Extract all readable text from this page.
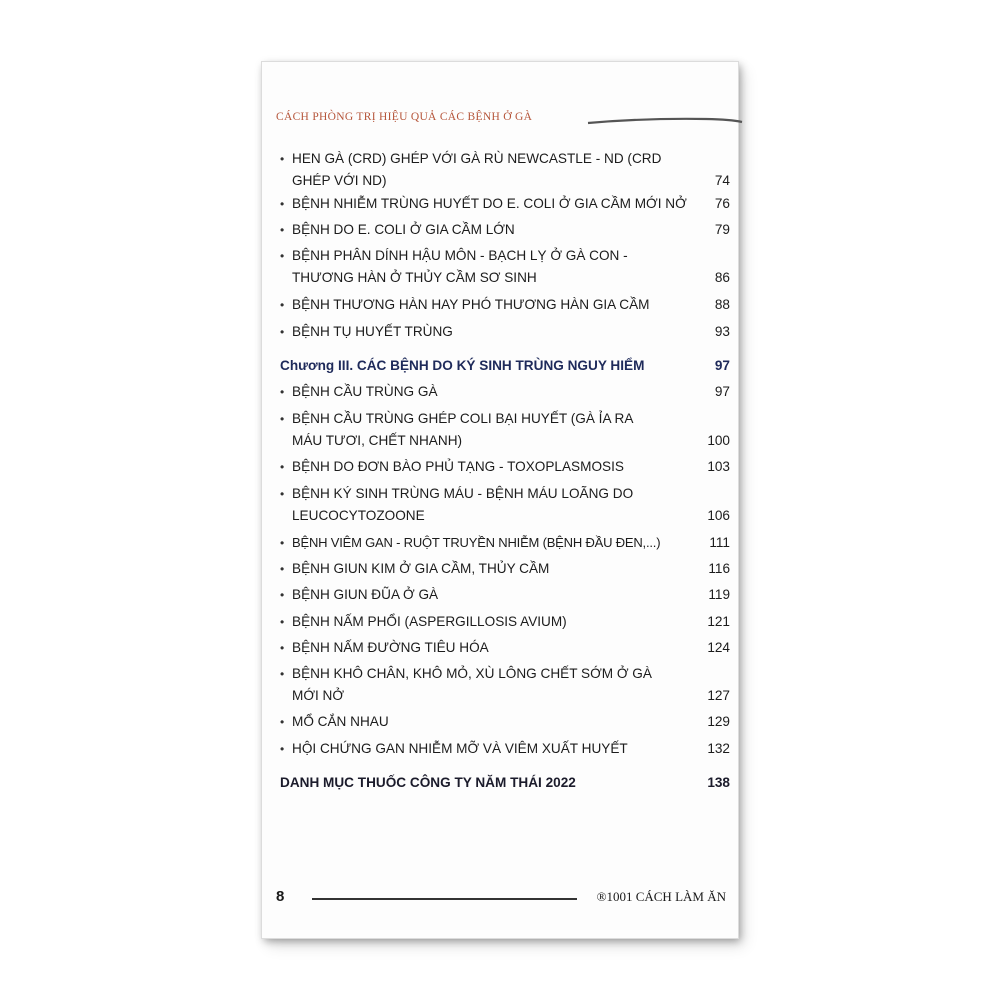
CÁCH PHÒNG TRỊ HIỆU QUẢ CÁC BỆNH Ở GÀ
• HEN GÀ (CRD) GHÉP VỚI GÀ RÙ NEWCASTLE - ND (CRD
GHÉP VỚI ND)	74
• BỆNH NHIỄM TRÙNG HUYẾT DO E. COLI Ở GIA CẦM MỚI NỞ	76
• BỆNH DO E. COLI Ở GIA CẦM LỚN	79
• BỆNH PHÂN DÍNH HẬU MÔN - BẠCH LỴ Ở GÀ CON -
THƯƠNG HÀN Ở THỦY CẦM SƠ SINH	86
• BỆNH THƯƠNG HÀN HAY PHÓ THƯƠNG HÀN GIA CẦM	88
• BỆNH TỤ HUYẾT TRÙNG	93
Chương III. CÁC BỆNH DO KÝ SINH TRÙNG NGUY HIỂM	97
• BỆNH CẦU TRÙNG GÀ	97
• BỆNH CẦU TRÙNG GHÉP COLI BẠI HUYẾT (GÀ ỈA RA
MÁU TƯƠI, CHẾT NHANH)	100
• BỆNH DO ĐƠN BÀO PHỦ TẠNG - TOXOPLASMOSIS	103
• BỆNH KÝ SINH TRÙNG MÁU - BỆNH MÁU LOÃNG DO
LEUCOCYTOZOONE	106
• BỆNH VIÊM GAN - RUỘT TRUYỀN NHIỄM (BỆNH ĐẦU ĐEN,...)	111
• BỆNH GIUN KIM Ở GIA CẦM, THỦY CẦM	116
• BỆNH GIUN ĐŨA Ở GÀ	119
• BỆNH NẤM PHỔI (ASPERGILLOSIS AVIUM)	121
• BỆNH NẤM ĐƯỜNG TIÊU HÓA	124
• BỆNH KHÔ CHÂN, KHÔ MỎ, XÙ LÔNG CHẾT SỚM Ở GÀ
MỚI NỞ	127
• MỔ CẮN NHAU	129
• HỘI CHỨNG GAN NHIỄM MỠ VÀ VIÊM XUẤT HUYẾT	132
DANH MỤC THUỐC CÔNG TY NĂM THÁI 2022	138
8	®1001 CÁCH LÀM ĂN
